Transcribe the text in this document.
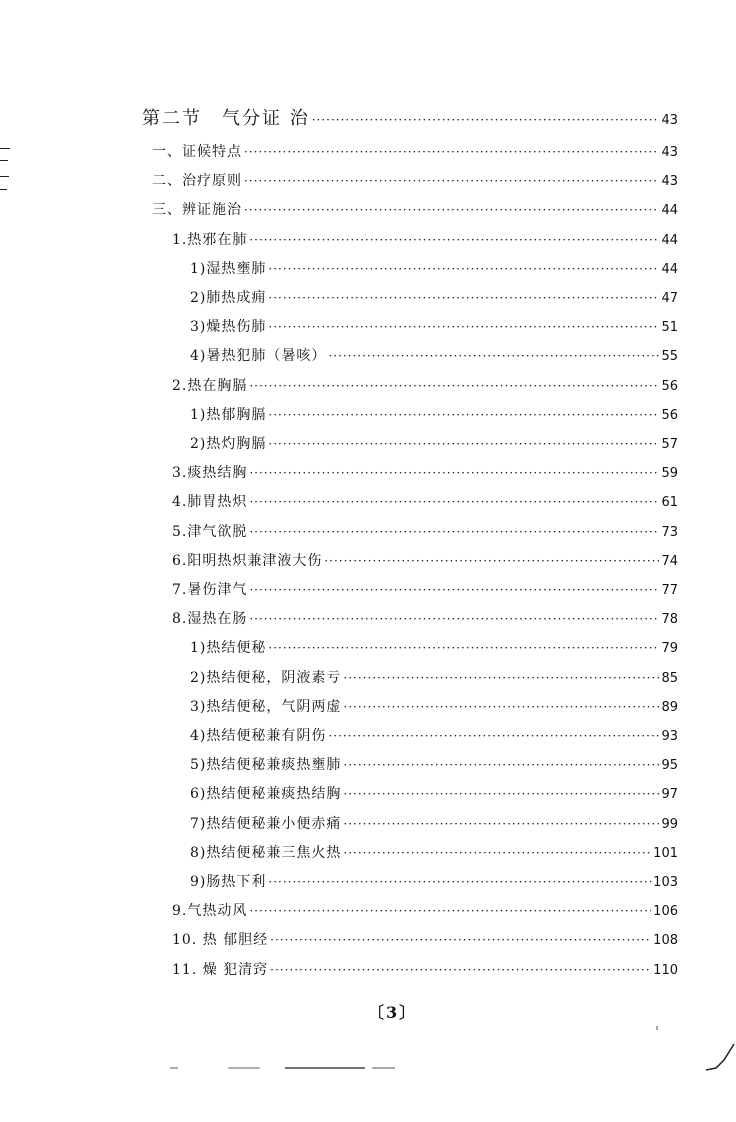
第二节　气分证 治 ·····	43
一、证候特点 ·····	43
二、治疗原则 ·····	43
三、辨证施治 ·····	44
1.热邪在肺 ·····	44
1)湿热壅肺 ·····	44
2)肺热成痈 ·····	47
3)燥热伤肺 ·····	51
4)暑热犯肺（暑咳） ·····	55
2.热在胸膈 ·····	56
1)热郁胸膈 ·····	56
2)热灼胸膈 ·····	57
3.痰热结胸 ·····	59
4.肺胃热炽 ·····	61
5.津气欲脱 ·····	73
6.阳明热炽兼津液大伤 ·····	74
7.暑伤津气 ·····	77
8.湿热在肠 ·····	78
1)热结便秘 ·····	79
2)热结便秘，阴液素亏 ·····	85
3)热结便秘，气阴两虚 ·····	89
4)热结便秘兼有阴伤 ·····	93
5)热结便秘兼痰热壅肺 ·····	95
6)热结便秘兼痰热结胸 ·····	97
7)热结便秘兼小便赤痛 ·····	99
8)热结便秘兼三焦火热 ·····	101
9)肠热下利 ·····	103
9.气热动风 ·····	106
10. 热 郁胆经 ·····	108
11. 燥 犯清窍 ·····	110
〔3〕
